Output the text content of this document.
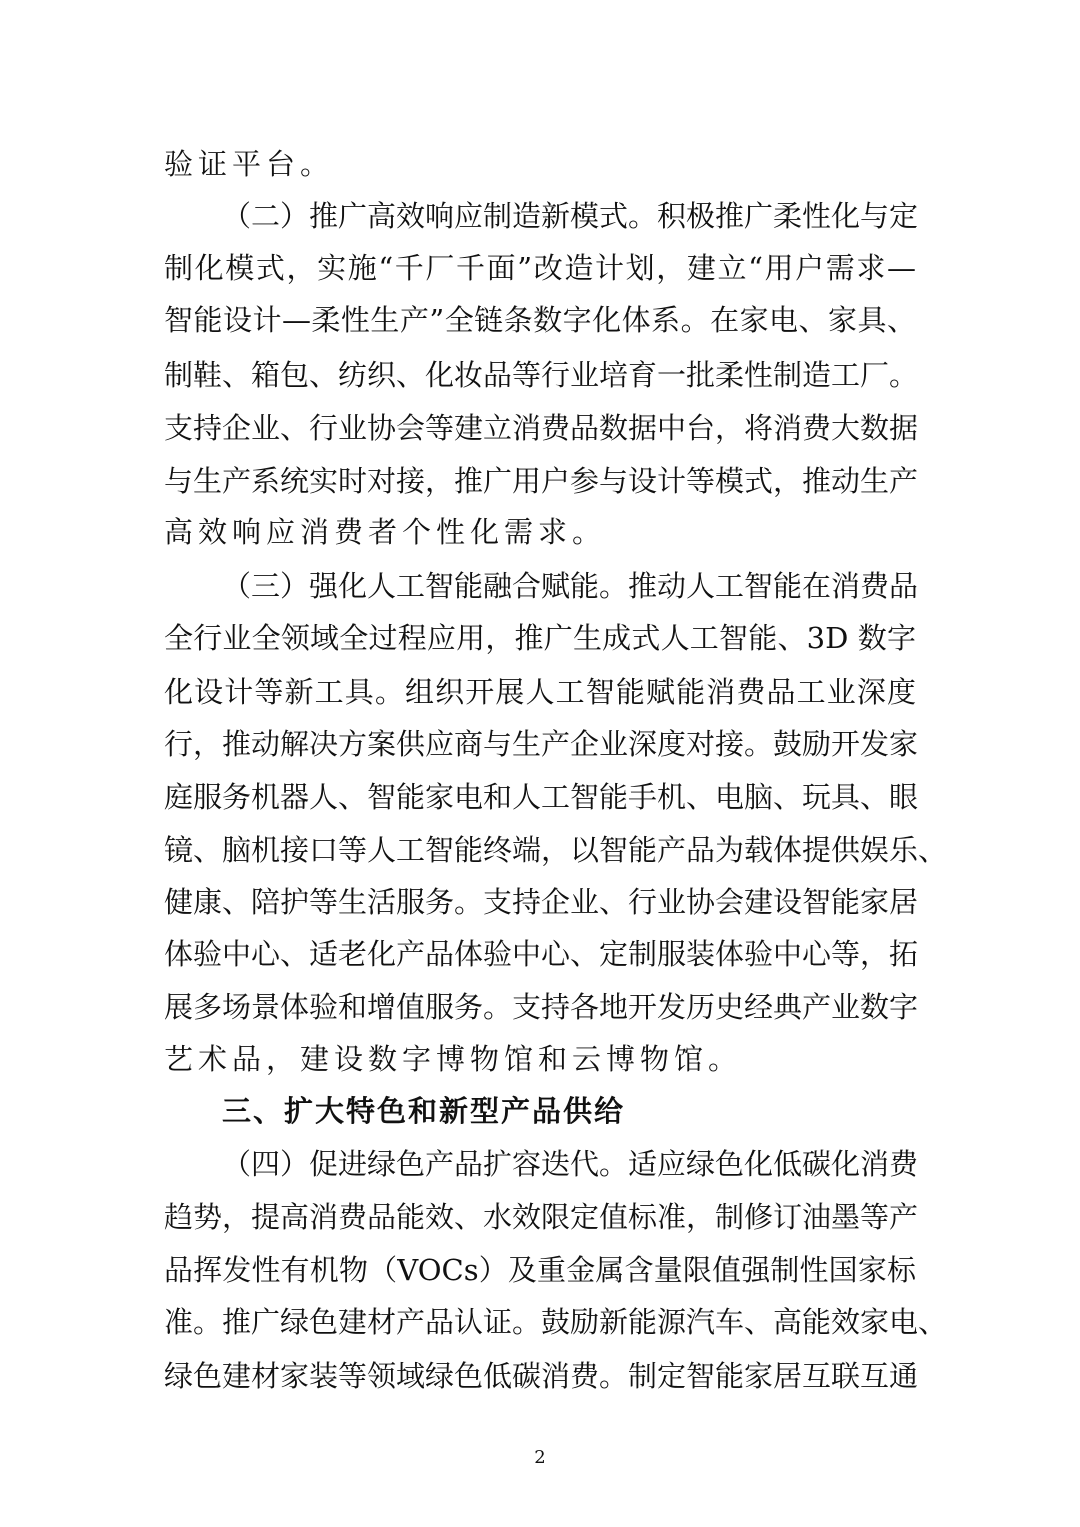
验证平台。
（二）推广高效响应制造新模式。积极推广柔性化与定
制化模式，实施“千厂千面”改造计划，建立“用户需求—
智能设计—柔性生产”全链条数字化体系。在家电、家具、
制鞋、箱包、纺织、化妆品等行业培育一批柔性制造工厂。
支持企业、行业协会等建立消费品数据中台，将消费大数据
与生产系统实时对接，推广用户参与设计等模式，推动生产
高效响应消费者个性化需求。
（三）强化人工智能融合赋能。推动人工智能在消费品
全行业全领域全过程应用，推广生成式人工智能、3D 数字
化设计等新工具。组织开展人工智能赋能消费品工业深度
行，推动解决方案供应商与生产企业深度对接。鼓励开发家
庭服务机器人、智能家电和人工智能手机、电脑、玩具、眼
镜、脑机接口等人工智能终端，以智能产品为载体提供娱乐、
健康、陪护等生活服务。支持企业、行业协会建设智能家居
体验中心、适老化产品体验中心、定制服装体验中心等，拓
展多场景体验和增值服务。支持各地开发历史经典产业数字
艺术品，建设数字博物馆和云博物馆。
三、扩大特色和新型产品供给
（四）促进绿色产品扩容迭代。适应绿色化低碳化消费
趋势，提高消费品能效、水效限定值标准，制修订油墨等产
品挥发性有机物（VOCs）及重金属含量限值强制性国家标
准。推广绿色建材产品认证。鼓励新能源汽车、高能效家电、
绿色建材家装等领域绿色低碳消费。制定智能家居互联互通
2
